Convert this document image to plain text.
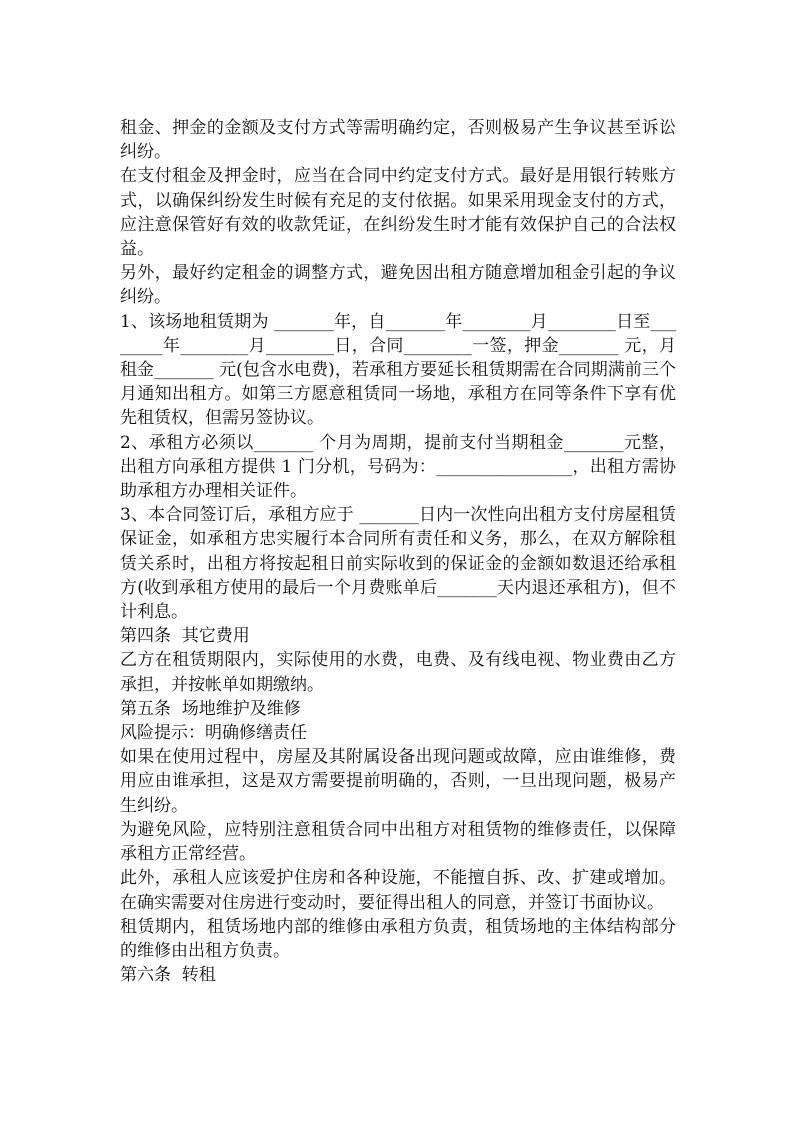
租金、押金的金额及支付方式等需明确约定，否则极易产生争议甚至诉讼纠纷。

在支付租金及押金时，应当在合同中约定支付方式。最好是用银行转账方式，以确保纠纷发生时候有充足的支付依据。如果采用现金支付的方式，应注意保管好有效的收款凭证，在纠纷发生时才能有效保护自己的合法权益。

另外，最好约定租金的调整方式，避免因出租方随意增加租金引起的争议纠纷。

1、该场地租赁期为 _______年，自_______年________月________日至________年________月________日，合同________一签，押金_______ 元，月租金_______ 元(包含水电费)，若承租方要延长租赁期需在合同期满前三个月通知出租方。如第三方愿意租赁同一场地，承租方在同等条件下享有优先租赁权，但需另签协议。

2、承租方必须以_______ 个月为周期，提前支付当期租金_______元整，出租方向承租方提供 1 门分机，号码为：________________，出租方需协助承租方办理相关证件。

3、本合同签订后，承租方应于 _______日内一次性向出租方支付房屋租赁保证金，如承租方忠实履行本合同所有责任和义务，那么，在双方解除租赁关系时，出租方将按起租日前实际收到的保证金的金额如数退还给承租方(收到承租方使用的最后一个月费账单后_______天内退还承租方)，但不计利息。

第四条  其它费用

乙方在租赁期限内，实际使用的水费，电费、及有线电视、物业费由乙方承担，并按帐单如期缴纳。

第五条  场地维护及维修

风险提示：明确修缮责任

如果在使用过程中，房屋及其附属设备出现问题或故障，应由谁维修，费用应由谁承担，这是双方需要提前明确的，否则，一旦出现问题，极易产生纠纷。

为避免风险，应特别注意租赁合同中出租方对租赁物的维修责任，以保障承租方正常经营。

此外，承租人应该爱护住房和各种设施，不能擅自拆、改、扩建或增加。在确实需要对住房进行变动时，要征得出租人的同意，并签订书面协议。

租赁期内，租赁场地内部的维修由承租方负责，租赁场地的主体结构部分的维修由出租方负责。

第六条  转租
